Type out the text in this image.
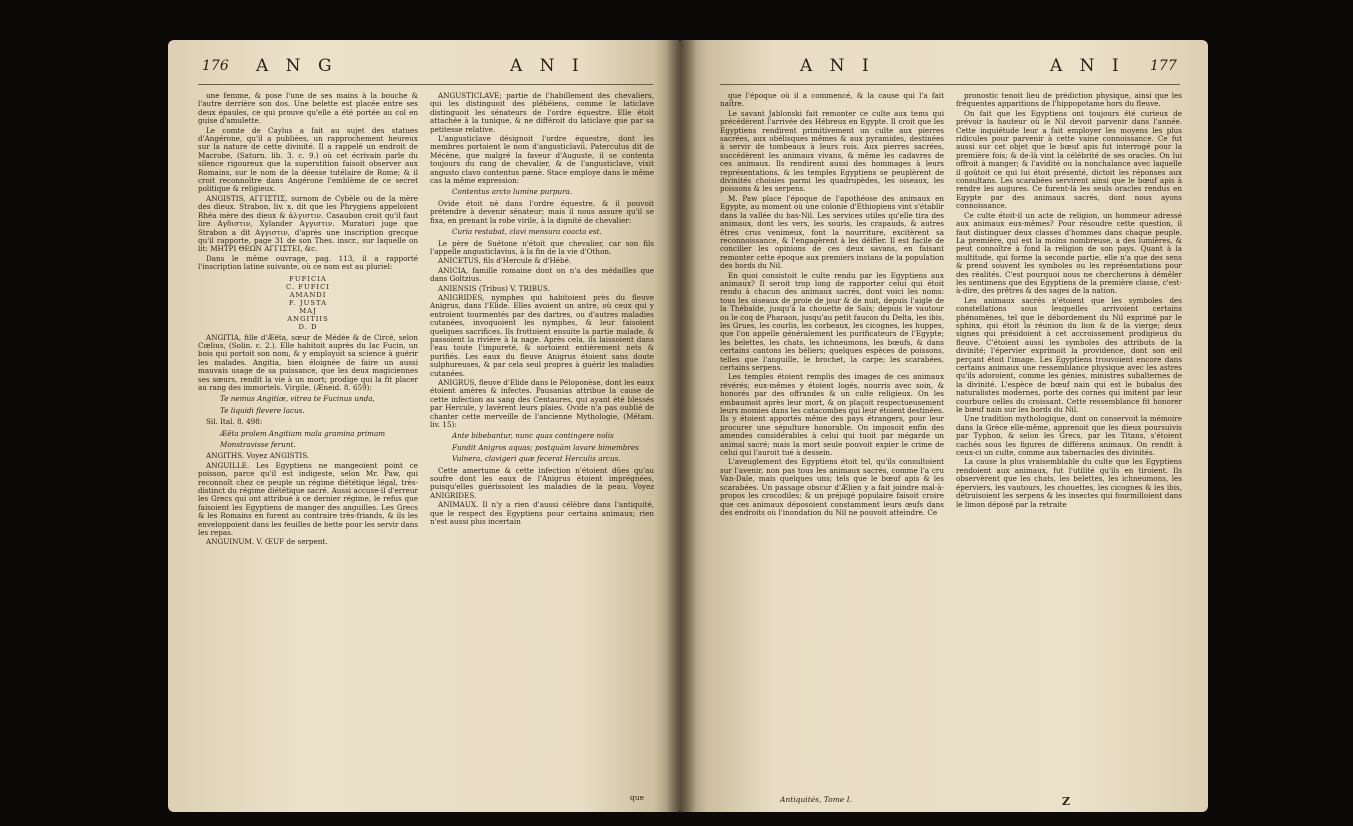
176 A N G	A N I

une femme, & pose l'une de ses mains à la bouche & l'autre derrière son dos. Une belette est placée entre ses deux épaules, ce qui prouve qu'elle a été portée au col en guise d'amulette.

Le comte de Caylus a fait au sujet des statues d'Angérone, qu'il a publiées, un rapprochement heureux sur la nature de cette divinité. Il a rappelé un endroit de Macrobe, (Saturn. lib. 3. c. 9.) où cet écrivain parle du silence rigoureux que la superstition faisoit observer aux Romains, sur le nom de la déesse tutélaire de Rome; & il croit reconnoître dans Angérone l'emblème de ce secret politique & religieux.

ANGISTIS, ΑΓΓΙΣΤΙΣ, surnom de Cybèle ou de la mère des dieux. Strabon, liv. x, dit que les Phrygiens appeloient Rhéa mère des dieux & ἀλγιστιν. Casaubon croit qu'il faut lire Αγδιστιν, Xylander Αγγιστιν. Muratori juge que Strabon a dit Αγγιστιν, d'après une inscription grecque qu'il rapporte, page 31 de son Thes. inscr., sur laquelle on lit: ΜΗΤΡΙ ΘΕΩΝ ΑΓΓΙΣΤΕΙ, &c.

Dans le même ouvrage, pag. 113, il a rapporté l'inscription latine suivante, où ce nom est au pluriel:

FUFICIA

C. FUFICI

AMANDI

F. JUSTA

MAJ

ANGITIIS

D. D

ANGITIA, fille d'Æëta, sœur de Médée & de Circé, selon Cœlius, (Solin. c. 2.). Elle habitoit auprès du lac Fucin, un bois qui portoit son nom, & y employoit sa science à guérir les malades. Angitia, bien éloignée de faire un aussi mauvais usage de sa puissance, que les deux magiciennes ses sœurs, rendit la vie à un mort; prodige qui la fit placer au rang des immortels. Virgile, (Æneid. 8. 659):

Te nemus Angitiæ, vitrea te Fucinus unda,

Te liquidi flevere lacus.

Sil. Ital. 8. 498:

Æëta prolem Angitiam mala gramina primam

Monstravisse ferunt.

ANGITHS. Voyez ANGISTIS.

ANGUILLE. Les Egyptiens ne mangeoient point ce poisson, parce qu'il est indigeste, selon Mr. Paw, qui reconnoît chez ce peuple un régime diététique légal, très-distinct du régime diététique sacré. Aussi accuse-il d'erreur les Grecs qui ont attribué à ce dernier régime, le refus que faisoient les Egyptiens de manger des anguilles. Les Grecs & les Romains en furent au contraire très-friands, & ils les enveloppoient dans les feuilles de bette pour les servir dans les repas.

ANGUINUM. V. ŒUF de serpent.

ANGUSTICLAVE; partie de l'habillement des chevaliers, qui les distinguoit des plébéiens, comme le laticlave distinguoit les sénateurs de l'ordre équestre. Elle étoit attachée à la tunique, & ne différoit du laticlave que par sa petitesse relative.

L'angusticlave désignoit l'ordre équestre, dont les membres portoient le nom d'angusticlavii. Paterculus dit de Mécène, que malgré la faveur d'Auguste, il se contenta toujours du rang de chevalier, & de l'angusticlave, vixit angusto clavo contentus pænè. Stace employe dans le même cas la même expression:

Contentus arcto lumine purpura.

Ovide étoit né dans l'ordre équestre, & il pouvoit prétendre à devenir sénateur; mais il nous assure qu'il se fixa, en prenant la robe virile, à la dignité de chevalier:

Curia restabat, clavi mensura coacta est.

Le père de Suétone n'étoit que chevalier, car son fils l'appelle angusticlavius, à la fin de la vie d'Othon.

ANICETUS, fils d'Hercule & d'Hébé.

ANICIA, famille romaine dont on n'a des médailles que dans Goltzius.

ANIENSIS (Tribus) V. TRIBUS.

ANIGRIDES, nymphes qui habitoient près du fleuve Anigrus, dans l'Elide. Elles avoient un antre, où ceux qui y entroient tourmentés par des dartres, ou d'autres maladies cutanées, invoquoient les nymphes, & leur faisoient quelques sacrifices. Ils frottoient ensuite la partie malade, & passoient la rivière à la nage. Après cela, ils laissoient dans l'eau toute l'impureté, & sortoient entièrement nets & purifiés. Les eaux du fleuve Anigrus étoient sans doute sulphureuses, & par cela seul propres à guérir les maladies cutanées.

ANIGRUS, fleuve d'Elide dans le Péloponèse, dont les eaux étoient amères & infectes. Pausanias attribue la cause de cette infection au sang des Centaures, qui ayant été blessés par Hercule, y lavèrent leurs plaies. Ovide n'a pas oublié de chanter cette merveille de l'ancienne Mythologie, (Métam. liv. 15):

Ante bibebantur, nunc quas contingere nolis

Fundit Anigros aquas; postquàm lavare bimembres

Vulnera, clavigeri quæ fecerat Herculis arcus.

Cette amertume & cette infection n'étoient dûes qu'au soufre dont les eaux de l'Anigrus étoient imprégnées, puisqu'elles guérissoient les maladies de la peau. Voyez ANIGRIDES.

ANIMAUX. Il n'y a rien d'aussi célèbre dans l'antiquité, que le respect des Egyptiens pour certains animaux; rien n'est aussi plus incertain

que
A N I	A N I 177

que l'époque où il a commencé, & la cause qui l'a fait naître.

Le savant Jablonski fait remonter ce culte aux tems qui précédèrent l'arrivée des Hébreux en Egypte. Il croit que les Egyptiens rendirent primitivement un culte aux pierres sacrées, aux obélisques mêmes & aux pyramides, destinées à servir de tombeaux à leurs rois. Aux pierres sacrées, succédèrent les animaux vivans, & même les cadavres de ces animaux. Ils rendirent aussi des hommages à leurs représentations, & les temples Egyptiens se peuplèrent de divinités choisies parmi les quadrupèdes, les oiseaux, les poissons & les serpens.

M. Paw place l'époque de l'apothéose des animaux en Egypte, au moment où une colonie d'Ethiopiens vint s'établir dans la vallée du bas-Nil. Les services utiles qu'elle tira des animaux, dont les vers, les souris, les crapauds, & autres êtres crus venimeux, font la nourriture, excitèrent sa reconnoissance, & l'engagèrent à les déifier. Il est facile de concilier les opinions de ces deux savans, en faisant remonter cette époque aux premiers instans de la population des bords du Nil.

En quoi consistoit le culte rendu par les Egyptiens aux animaux? Il seroit trop long de rapporter celui qui étoit rendu à chacun des animaux sacrés, dont voici les noms: tous les oiseaux de proie de jour & de nuit, depuis l'aigle de la Thébaïde, jusqu'à la chouette de Saïs; depuis le vautour ou le coq de Pharaon, jusqu'au petit faucon du Delta, les ibis, les Grues, les courlis, les corbeaux, les cicognes, les huppes, que l'on appelle généralement les purificateurs de l'Egypte; les belettes, les chats, les ichneumons, les bœufs, & dans certains cantons les béliers; quelques espèces de poissons, telles que l'anguille, le brochet, la carpe; les scarabées, certains serpens.

Les temples étoient remplis des images de ces animaux révérés; eux-mêmes y étoient logés, nourris avec soin, & honorés par des offrandes & un culte religieux. On les embaumoit après leur mort, & on plaçoit respectueusement leurs momies dans les catacombes qui leur étoient destinées. Ils y étoient apportés même des pays étrangers, pour leur procurer une sépulture honorable. On imposoit enfin des amendes considérables à celui qui tuoit par mégarde un animal sacré; mais la mort seule pouvoit expier le crime de celui qui l'auroit tué à dessein.

L'aveuglement des Egyptiens étoit tel, qu'ils consultoient sur l'avenir, non pas tous les animaux sacrés, comme l'a cru Van-Dale, mais quelques uns; tels que le bœuf apis & les scarabées. Un passage obscur d'Ælien y a fait joindre mal-à-propos les crocodiles; & un préjugé populaire faisoit croire que ces animaux déposoient constamment leurs œufs dans des endroits où l'inondation du Nil ne pouvoit atteindre. Ce

pronostic tenoit lieu de prédiction physique, ainsi que les fréquentes apparitions de l'hippopotame hors du fleuve.

On fait que les Egyptiens ont toujours été curieux de prévoir la hauteur où le Nil devoit parvenir dans l'année. Cette inquiétude leur a fait employer les moyens les plus ridicules pour parvenir à cette vaine connoissance. Ce fut aussi sur cet objet que le bœuf apis fut interrogé pour la première fois; & de-là vint la célébrité de ses oracles. On lui offroit à manger; & l'avidité ou la nonchalance avec laquelle il goûtoit ce qui lui étoit présenté, dictoit les réponses aux consultans. Les scarabées servirent ainsi que le bœuf apis à rendre les augures. Ce furent-là les seuls oracles rendus en Egypte par des animaux sacrés, dont nous ayons connoissance.

Ce culte étoit-il un acte de religion, un hommeur adressé aux animaux eux-mêmes? Pour résoudre cette question, il faut distinguer deux classes d'hommes dans chaque peuple. La première, qui est la moins nombreuse, a des lumières, & peut connoître à fond la religion de son pays. Quant à la multitude, qui forme la seconde partie, elle n'a que des sens & prend souvent les symboles ou les représentations pour des réalités. C'est pourquoi nous ne chercherons à démêler les sentimens que des Egyptiens de la première classe, c'est-à-dire, des prêtres & des sages de la nation.

Les animaux sacrés n'étoient que les symboles des constellations sous lesquelles arrivoient certains phénomènes, tel que le débordement du Nil exprimé par le sphinx, qui étoit la réunion du lion & de la vierge; deux signes qui présidoient à cet accroissement prodigieux du fleuve. C'étoient aussi les symboles des attributs de la divinité; l'épervier exprimoit la providence, dont son œil perçant étoit l'image. Les Egyptiens trouvoient encore dans certains animaux une ressemblance physique avec les astres qu'ils adoroient, comme les génies, ministres subalternes de la divinité. L'espèce de bœuf nain qui est le bubalus des naturalistes modernes, porte des cornes qui imitent par leur courbure celles du croissant. Cette ressemblance fit honorer le bœuf nain sur les bords du Nil.

Une tradition mythologique, dont on conservoit la mémoire dans la Grèce elle-même, apprenoit que les dieux poursuivis par Typhon, & selon les Grecs, par les Titans, s'étoient cachés sous les figures de différens animaux. On rendit à ceux-ci un culte, comme aux tabernacles des divinités.

La cause la plus vraisemblable du culte que les Egyptiens rendoient aux animaux, fut l'utilité qu'ils en tiroient. Ils observèrent que les chats, les belettes, les ichneumons, les éperviers, les vautours, les chouettes, les cicognes & les ibis, détruisoient les serpens & les insectes qui fourmilloient dans le limon déposé par la retraite

Antiquités, Tome I.	Z
